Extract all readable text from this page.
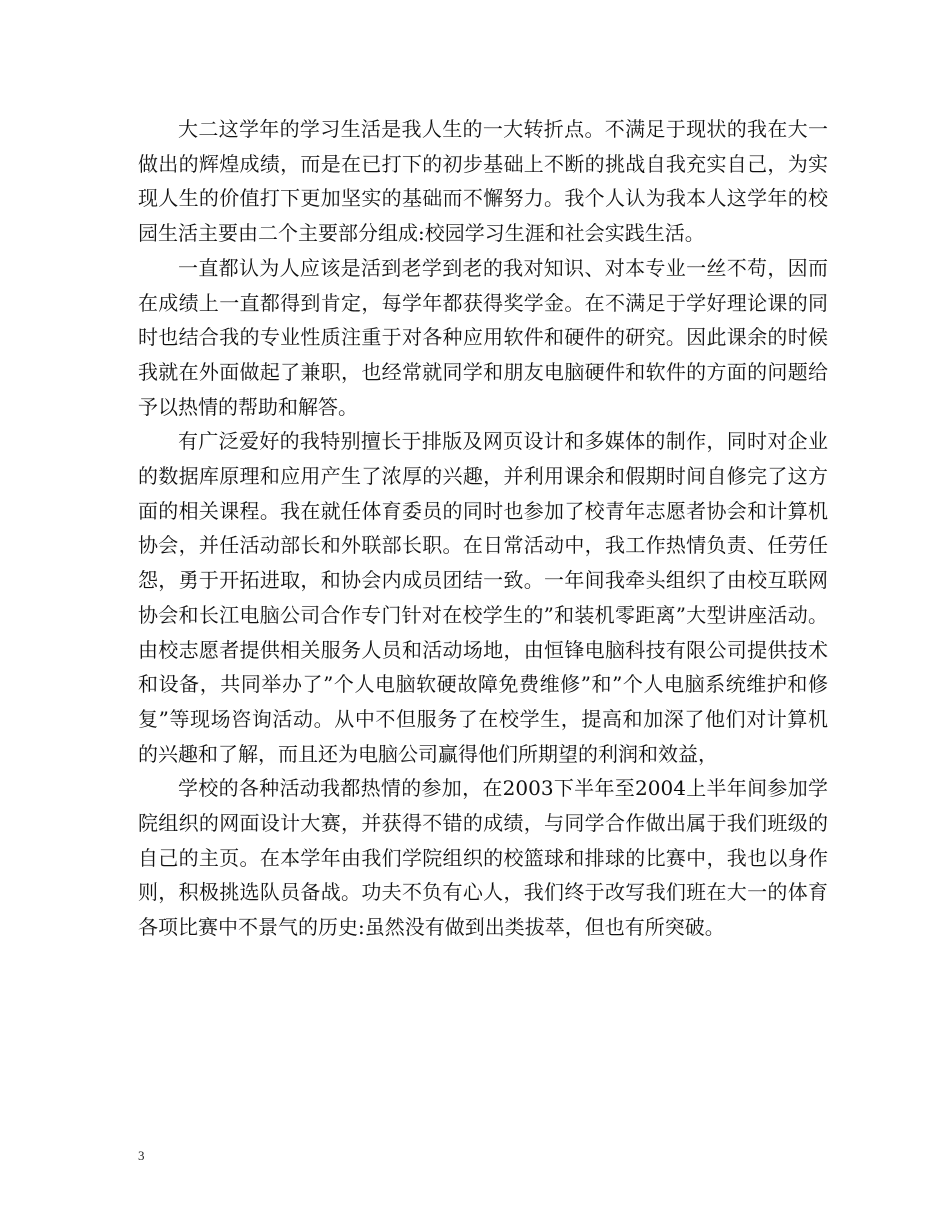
大二这学年的学习生活是我人生的一大转折点。不满足于现状的我在大一做出的辉煌成绩，而是在已打下的初步基础上不断的挑战自我充实自己，为实现人生的价值打下更加坚实的基础而不懈努力。我个人认为我本人这学年的校园生活主要由二个主要部分组成:校园学习生涯和社会实践生活。

一直都认为人应该是活到老学到老的我对知识、对本专业一丝不苟，因而在成绩上一直都得到肯定，每学年都获得奖学金。在不满足于学好理论课的同时也结合我的专业性质注重于对各种应用软件和硬件的研究。因此课余的时候我就在外面做起了兼职，也经常就同学和朋友电脑硬件和软件的方面的问题给予以热情的帮助和解答。

有广泛爱好的我特别擅长于排版及网页设计和多媒体的制作，同时对企业的数据库原理和应用产生了浓厚的兴趣，并利用课余和假期时间自修完了这方面的相关课程。我在就任体育委员的同时也参加了校青年志愿者协会和计算机协会，并任活动部长和外联部长职。在日常活动中，我工作热情负责、任劳任怨，勇于开拓进取，和协会内成员团结一致。一年间我牵头组织了由校互联网协会和长江电脑公司合作专门针对在校学生的”和装机零距离”大型讲座活动。由校志愿者提供相关服务人员和活动场地，由恒锋电脑科技有限公司提供技术和设备，共同举办了”个人电脑软硬故障免费维修”和”个人电脑系统维护和修复”等现场咨询活动。从中不但服务了在校学生，提高和加深了他们对计算机的兴趣和了解，而且还为电脑公司赢得他们所期望的利润和效益，

学校的各种活动我都热情的参加，在2003下半年至2004上半年间参加学院组织的网面设计大赛，并获得不错的成绩，与同学合作做出属于我们班级的自己的主页。在本学年由我们学院组织的校篮球和排球的比赛中，我也以身作则，积极挑选队员备战。功夫不负有心人，我们终于改写我们班在大一的体育各项比赛中不景气的历史:虽然没有做到出类拔萃，但也有所突破。

3
